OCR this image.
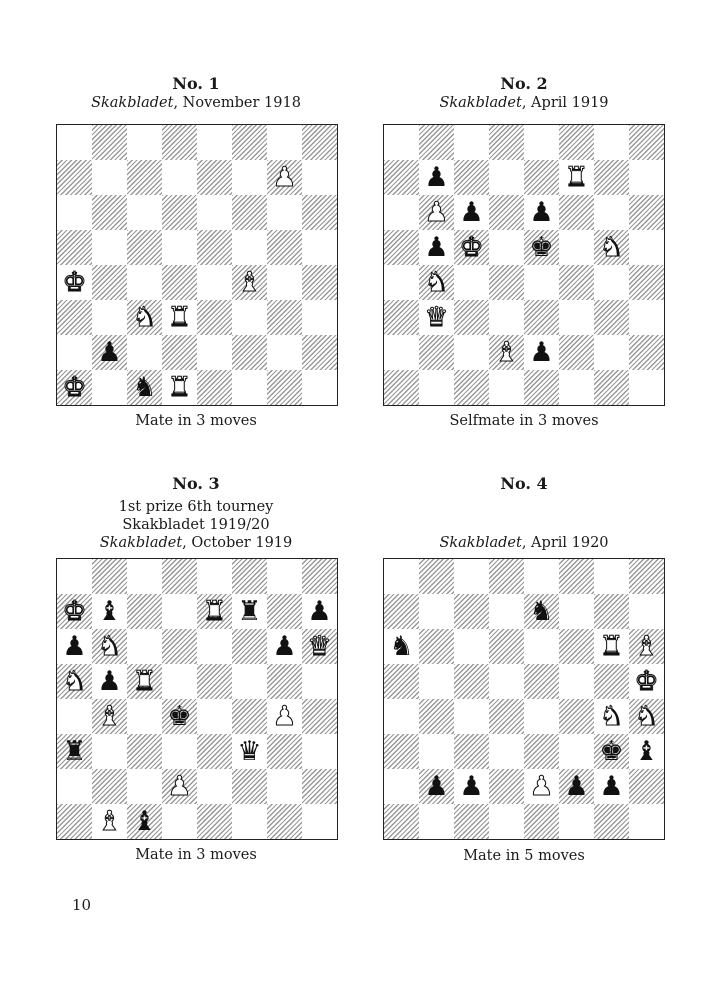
No. 1
Skakbladet, November 1918
♟
♚	♝
♞ ♜
♟
♚ ♞ ♜
Mate in 3 moves
No. 2
Skakbladet, April 1919
♟	♜
♟ ♟ ♟
♟ ♚ ♚ ♞
♞
♛
♝ ♟
Selfmate in 3 moves
No. 3
1st prize 6th tourney
Skakbladet 1919/20
Skakbladet, October 1919
♚ ♝	♜ ♜ ♟
♟ ♞	♟ ♛
♞ ♟ ♜
♝ ♚	♟
♜	♛
♟
♝ ♝
Mate in 3 moves
No. 4
Skakbladet, April 1920
♞
♞	♜ ♝
♚
♞ ♞
♚ ♝
♟ ♟ ♟ ♟ ♟
Mate in 5 moves
10
